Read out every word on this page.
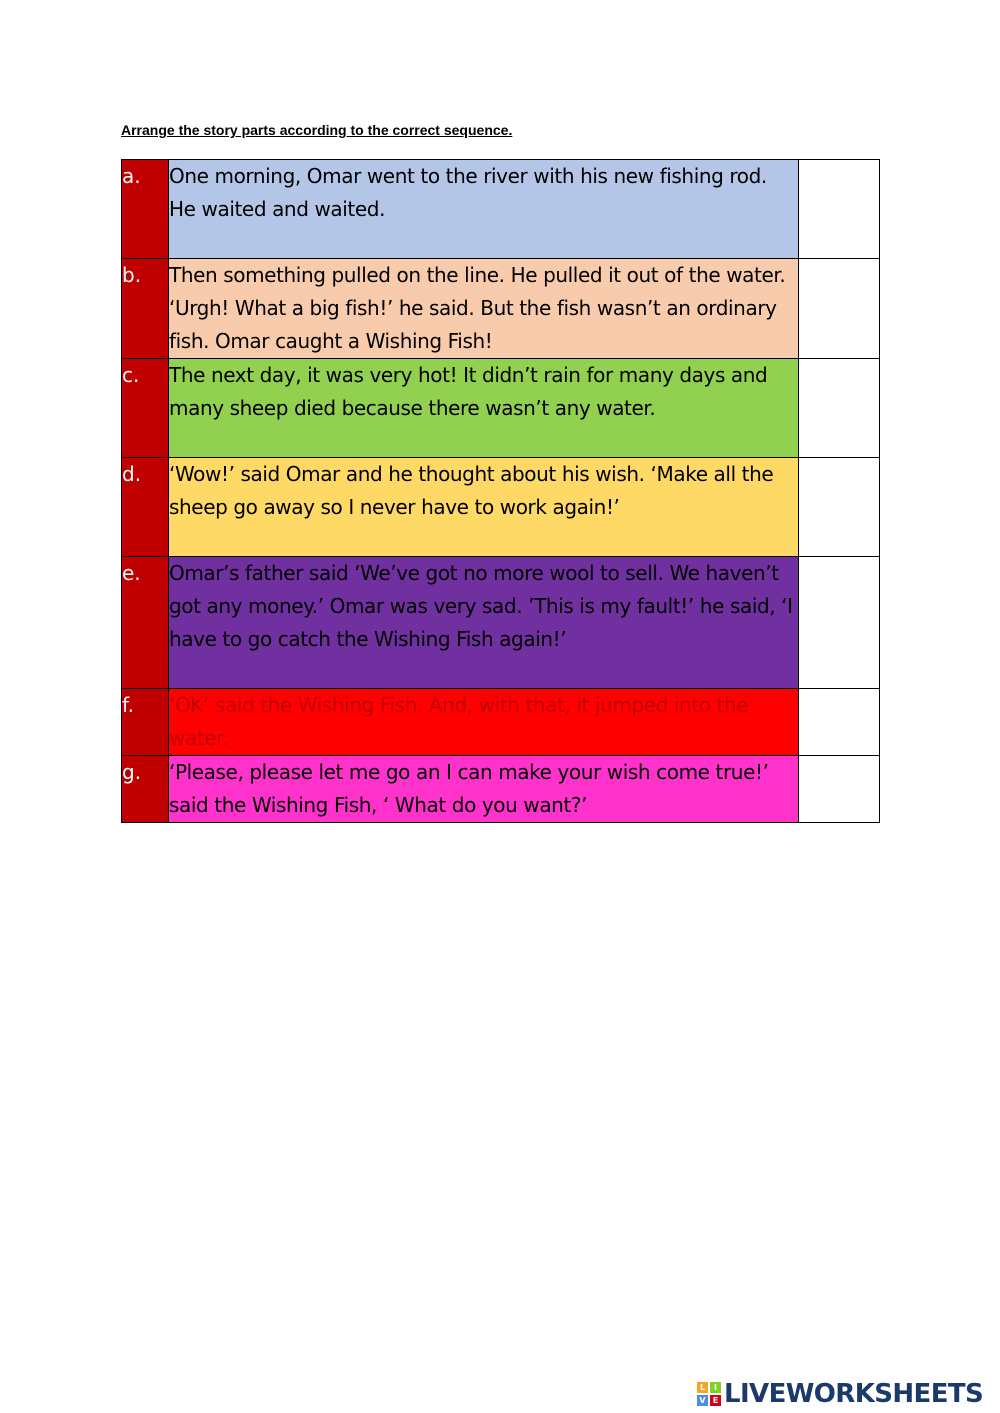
Arrange the story parts according to the correct sequence.
a.	One morning, Omar went to the river with his new fishing rod. He waited and waited.	
b.	Then something pulled on the line. He pulled it out of the water. ‘Urgh! What a big fish!’ he said. But the fish wasn’t an ordinary fish. Omar caught a Wishing Fish!	
c.	The next day, it was very hot! It didn’t rain for many days and many sheep died because there wasn’t any water.	
d.	‘Wow!’ said Omar and he thought about his wish. ‘Make all the sheep go away so I never have to work again!’	
e.	Omar’s father said ‘We’ve got no more wool to sell. We haven’t got any money.’ Omar was very sad. ’This is my fault!’ he said, ‘I have to go catch the Wishing Fish again!’	
f.	‘OK’ said the Wishing Fish. And, with that, it jumped into the water.	
g.	‘Please, please let me go an I can make your wish come true!’ said the Wishing Fish, ‘ What do you want?’	
L	I
V E LIVEWORKSHEETS
